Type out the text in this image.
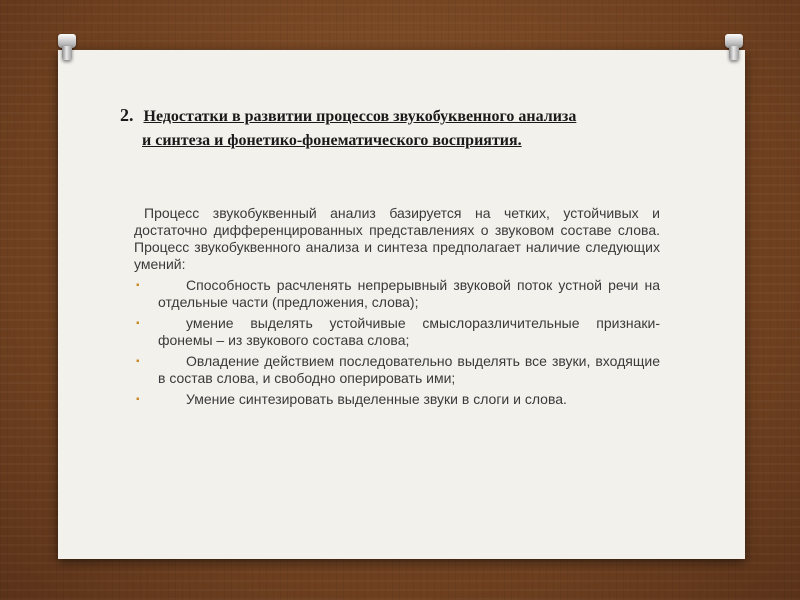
2. Недостатки в развитии процессов звукобуквенного анализа
и синтеза и фонетико-фонематического восприятия.

Процесс звукобуквенный анализ базируется на четких, устойчивых и достаточно дифференцированных представлениях о звуковом составе слова. Процесс звукобуквенного анализа и синтеза предполагает наличие следующих умений:

▪	Способность расчленять непрерывный звуковой поток устной речи на отдельные части (предложения, слова);
▪	умение выделять устойчивые смыслоразличительные признаки-фонемы – из звукового состава слова;
▪	Овладение действием последовательно выделять все звуки, входящие в состав слова, и свободно оперировать ими;
▪	Умение синтезировать выделенные звуки в слоги и слова.
